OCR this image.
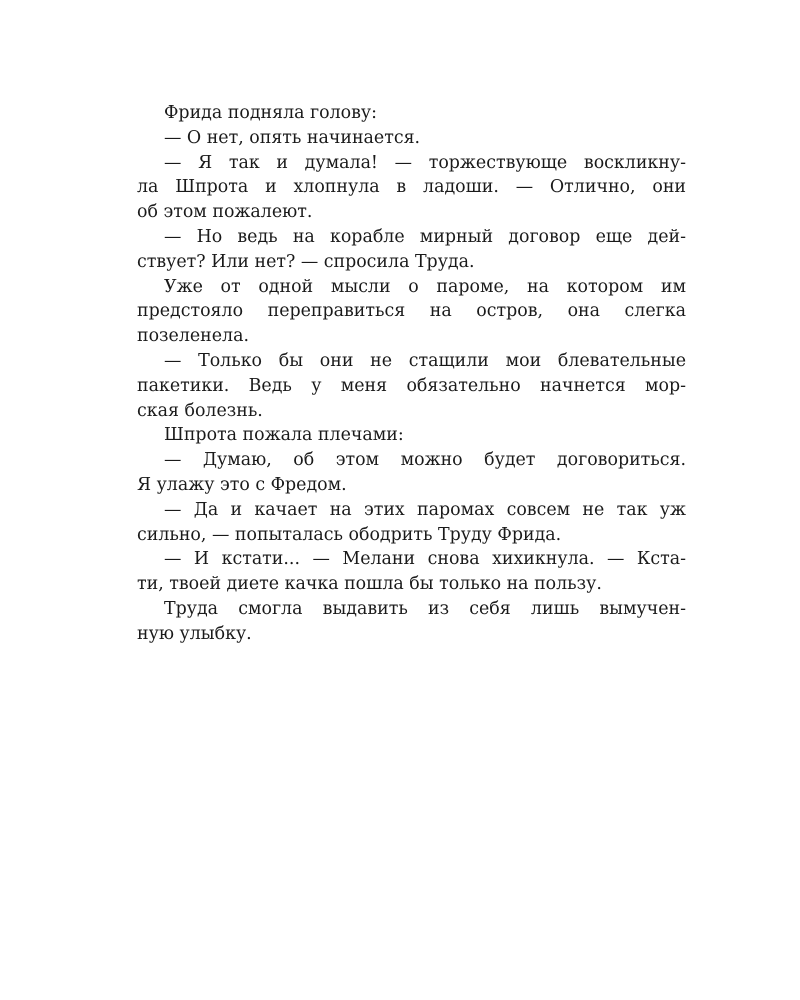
Фрида подняла голову:
— О нет, опять начинается.
— Я так и думала! — торжествующе воскликну-
ла Шпрота и хлопнула в ладоши. — Отлично, они
об этом пожалеют.
— Но ведь на корабле мирный договор еще дей-
ствует? Или нет? — спросила Труда.
Уже от одной мысли о пароме, на котором им
предстояло переправиться на остров, она слегка
позеленела.
— Только бы они не стащили мои блевательные
пакетики. Ведь у меня обязательно начнется мор-
ская болезнь.
Шпрота пожала плечами:
— Думаю, об этом можно будет договориться.
Я улажу это с Фредом.
— Да и качает на этих паромах совсем не так уж
сильно, — попыталась ободрить Труду Фрида.
— И кстати... — Мелани снова хихикнула. — Кста-
ти, твоей диете качка пошла бы только на пользу.
Труда смогла выдавить из себя лишь вымучен-
ную улыбку.
